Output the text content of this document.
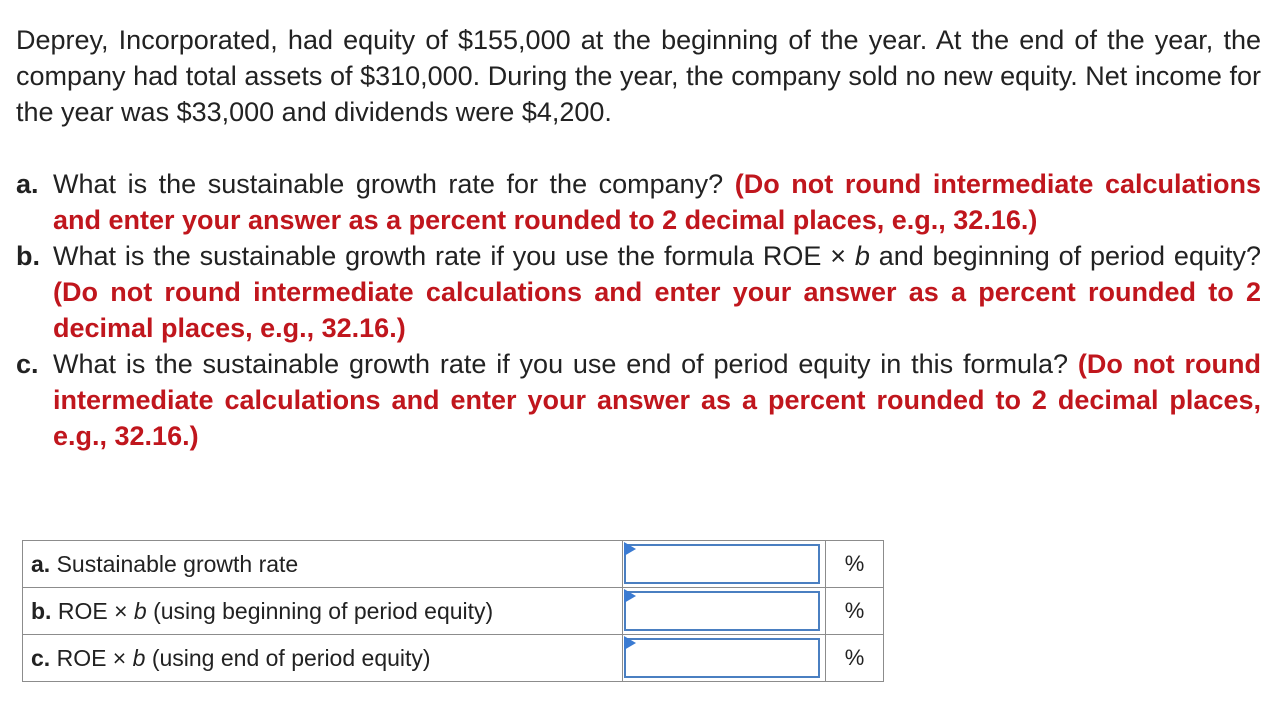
Deprey, Incorporated, had equity of $155,000 at the beginning of the year. At the end of the year, the company had total assets of $310,000. During the year, the company sold no new equity. Net income for the year was $33,000 and dividends were $4,200.
a. What is the sustainable growth rate for the company? (Do not round intermediate calculations and enter your answer as a percent rounded to 2 decimal places, e.g., 32.16.)
b. What is the sustainable growth rate if you use the formula ROE × b and beginning of period equity? (Do not round intermediate calculations and enter your answer as a percent rounded to 2 decimal places, e.g., 32.16.)
c. What is the sustainable growth rate if you use end of period equity in this formula? (Do not round intermediate calculations and enter your answer as a percent rounded to 2 decimal places, e.g., 32.16.)
a. Sustainable growth rate		%
b. ROE × b (using beginning of period equity)		%
c. ROE × b (using end of period equity)		%
